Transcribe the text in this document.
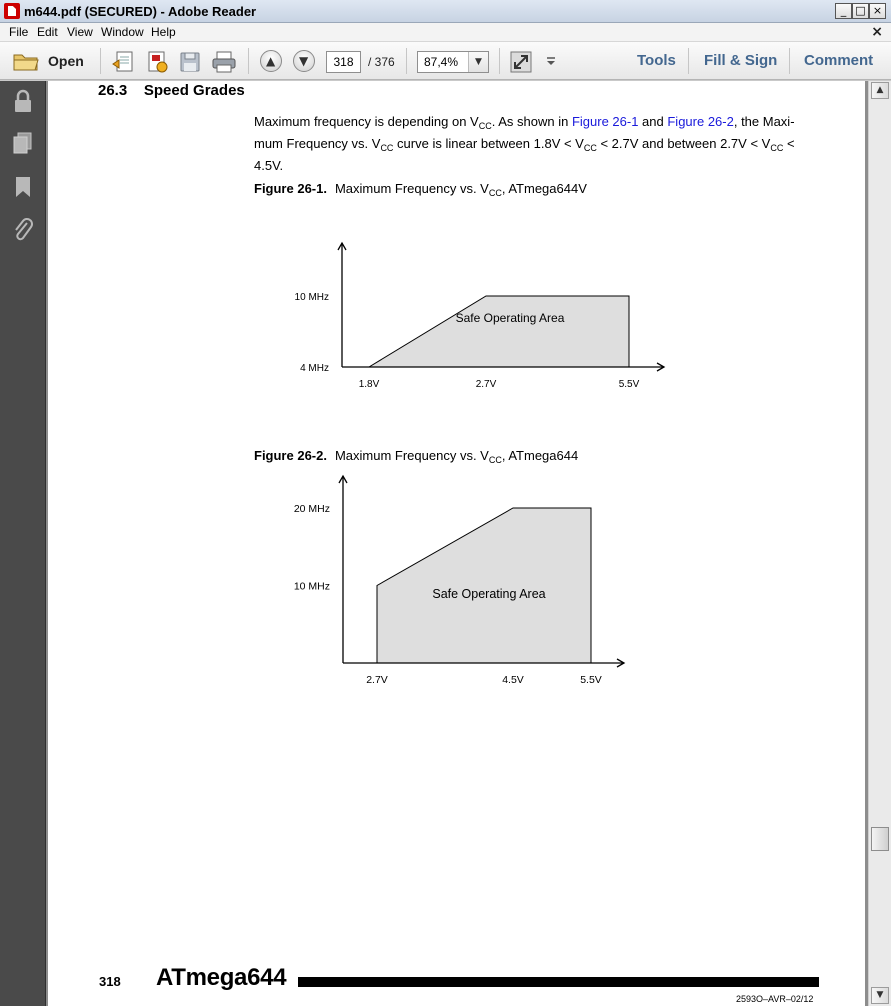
m644.pdf (SECURED) - Adobe Reader	_ □ ×
File Edit View Window Help	×
Open	▲ ▼	318	/ 376 87,4%	▼	Tools Fill & Sign Comment
26.3 Speed Grades
Maximum frequency is depending on $V_{CC}$. As shown in Figure 26-1 and Figure 26-2, the Maxi-mum Frequency vs. $V_{CC}$ curve is linear between $1.8V < V_{CC} < 2.7V$ and between $2.7V < V_{CC} < 4.5V$.
Figure 26-1. Maximum Frequency vs. $V_{CC}$, ATmega644V
1.8V	2.7V	5.5V
4 MHz
10 MHz
Safe Operating Area
Figure 26-2. Maximum Frequency vs. $V_{CC}$, ATmega644
2.7V	4.5V	5.5V
10 MHz
20 MHz
Safe Operating Area
318 ATmega644
2593O–AVR–02/12
▲
▼
